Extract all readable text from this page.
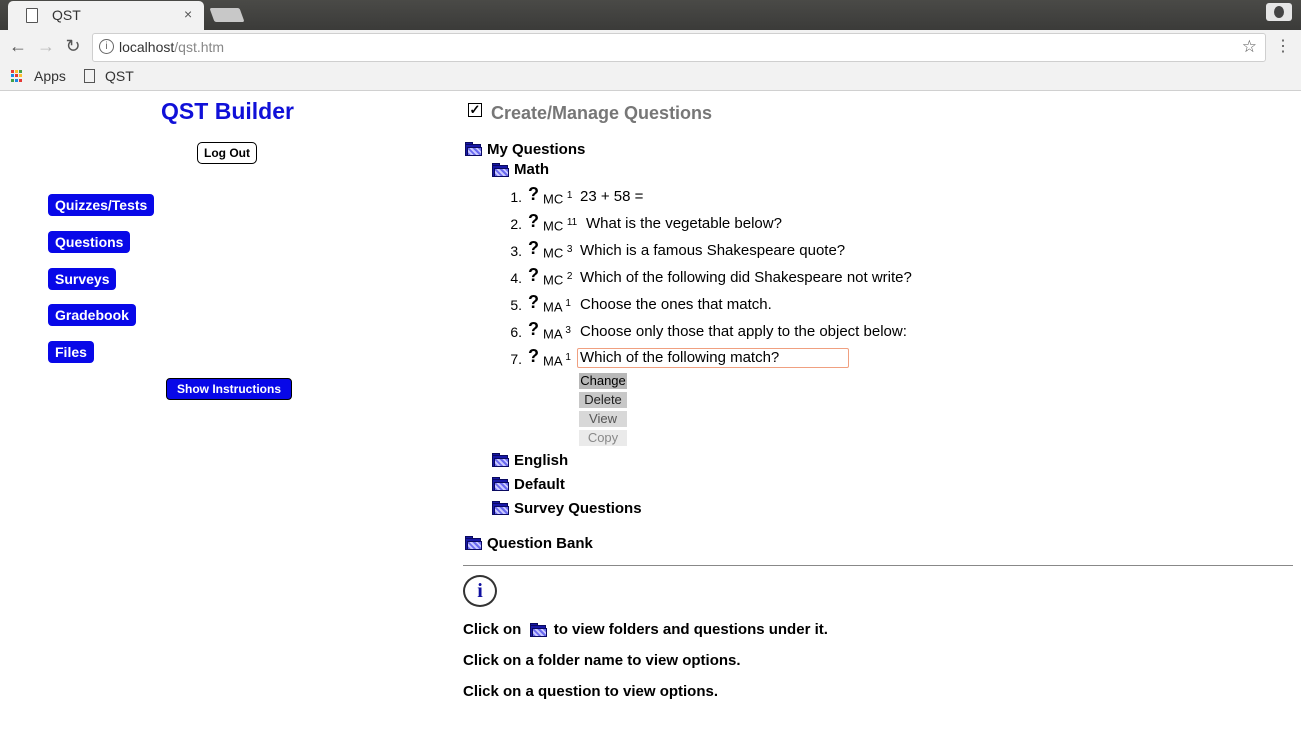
QST	×
← → ↻	i localhost/qst.htm	☆ ⋮
Apps	QST
QST Builder
Log Out
Quizzes/Tests
Questions
Surveys
Gradebook
Files
Show Instructions
✓ Create/Manage Questions
My Questions
Math
1. ? MC $^1$ 23 + 58 =
2. ? MC $^{11}$ What is the vegetable below?
3. ? MC $^3$ Which is a famous Shakespeare quote?
4. ? MC $^2$ Which of the following did Shakespeare not write?
5. ? MA $^1$ Choose the ones that match.
6. ? MA $^3$ Choose only those that apply to the object below:
7. ? MA $^1$ Which of the following match?
Change
Delete
View
Copy
English
Default
Survey Questions
Question Bank
i
Click on to view folders and questions under it.
Click on a folder name to view options.
Click on a question to view options.
